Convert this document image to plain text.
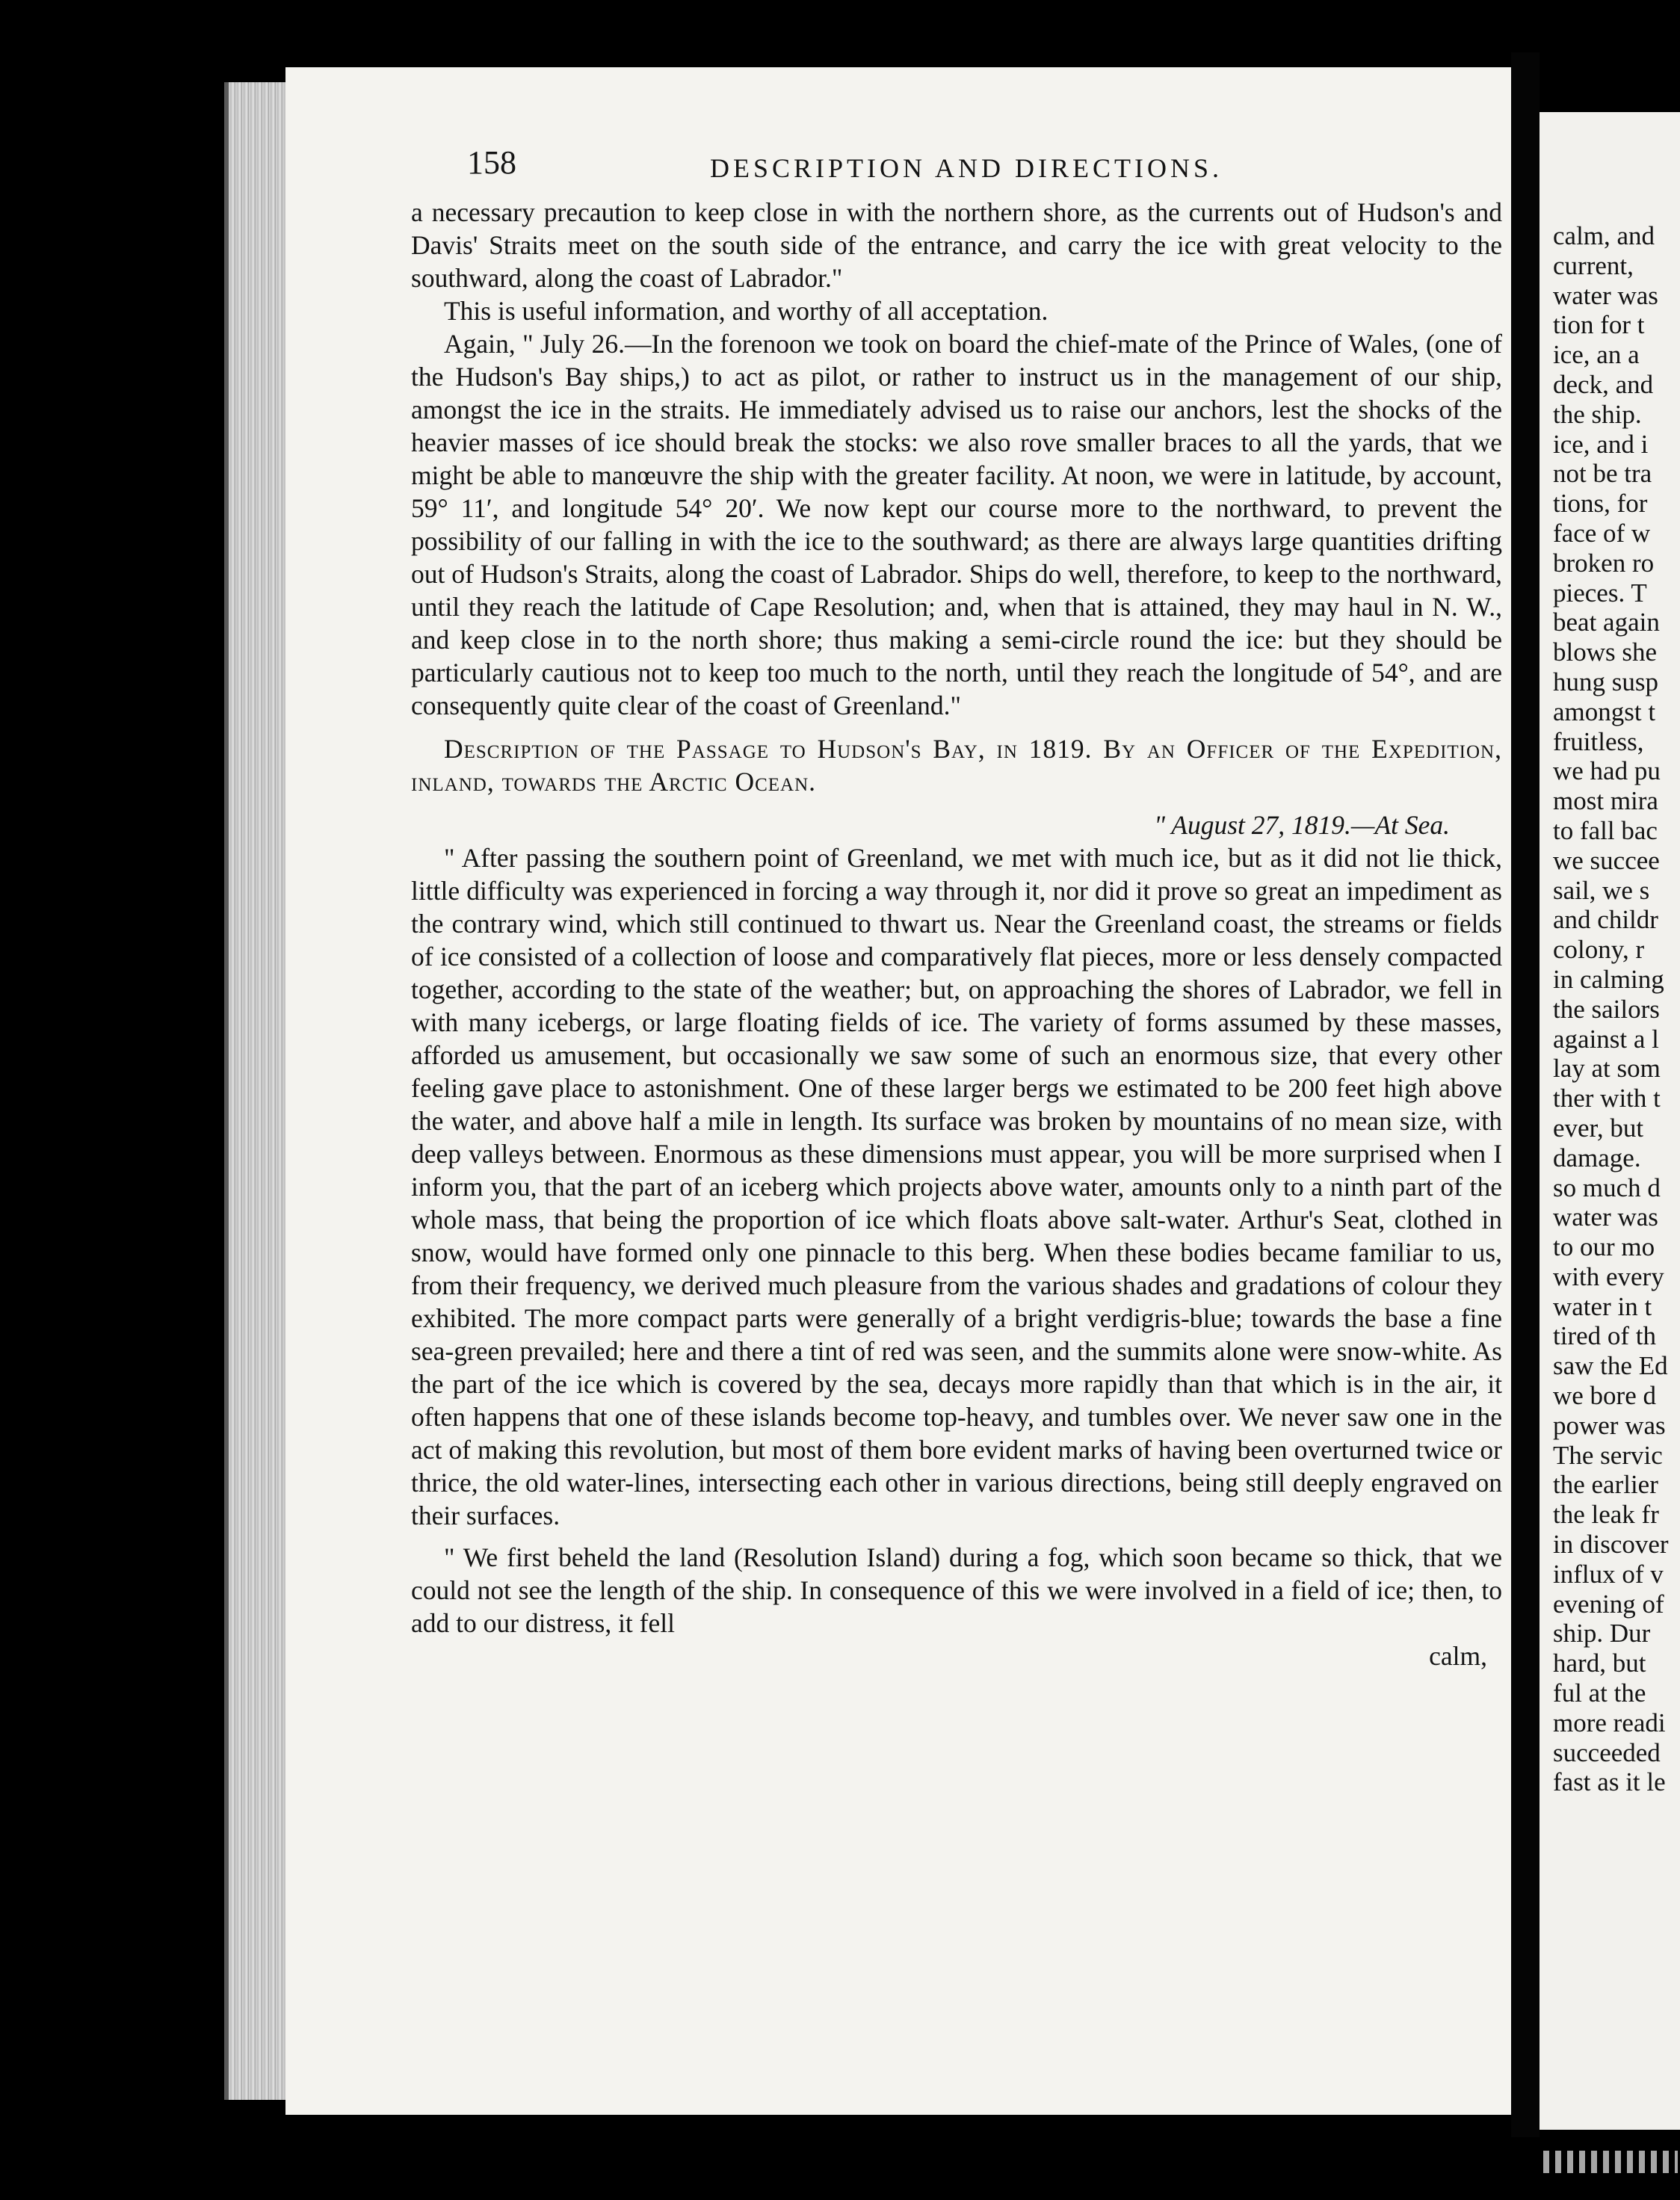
158	DESCRIPTION AND DIRECTIONS.

a necessary precaution to keep close in with the northern shore, as the currents out of Hudson's and Davis' Straits meet on the south side of the entrance, and carry the ice with great velocity to the southward, along the coast of Labrador."

This is useful information, and worthy of all acceptation.

Again, " July 26.—In the forenoon we took on board the chief-mate of the Prince of Wales, (one of the Hudson's Bay ships,) to act as pilot, or rather to instruct us in the management of our ship, amongst the ice in the straits. He immediately advised us to raise our anchors, lest the shocks of the heavier masses of ice should break the stocks: we also rove smaller braces to all the yards, that we might be able to manœuvre the ship with the greater facility. At noon, we were in latitude, by account, 59° 11′, and longitude 54° 20′. We now kept our course more to the northward, to prevent the possibility of our falling in with the ice to the southward; as there are always large quantities drifting out of Hudson's Straits, along the coast of Labrador. Ships do well, therefore, to keep to the northward, until they reach the latitude of Cape Resolution; and, when that is attained, they may haul in N. W., and keep close in to the north shore; thus making a semi-circle round the ice: but they should be particularly cautious not to keep too much to the north, until they reach the longitude of 54°, and are consequently quite clear of the coast of Greenland."

Description of the Passage to Hudson's Bay, in 1819. By an Officer of the Expedition, inland, towards the Arctic Ocean.

" August 27, 1819.—At Sea.

" After passing the southern point of Greenland, we met with much ice, but as it did not lie thick, little difficulty was experienced in forcing a way through it, nor did it prove so great an impediment as the contrary wind, which still continued to thwart us. Near the Greenland coast, the streams or fields of ice consisted of a collection of loose and comparatively flat pieces, more or less densely compacted together, according to the state of the weather; but, on approaching the shores of Labrador, we fell in with many icebergs, or large floating fields of ice. The variety of forms assumed by these masses, afforded us amusement, but occasionally we saw some of such an enormous size, that every other feeling gave place to astonishment. One of these larger bergs we estimated to be 200 feet high above the water, and above half a mile in length. Its surface was broken by mountains of no mean size, with deep valleys between. Enormous as these dimensions must appear, you will be more surprised when I inform you, that the part of an iceberg which projects above water, amounts only to a ninth part of the whole mass, that being the proportion of ice which floats above salt-water. Arthur's Seat, clothed in snow, would have formed only one pinnacle to this berg. When these bodies became familiar to us, from their frequency, we derived much pleasure from the various shades and gradations of colour they exhibited. The more compact parts were generally of a bright verdigris-blue; towards the base a fine sea-green prevailed; here and there a tint of red was seen, and the summits alone were snow-white. As the part of the ice which is covered by the sea, decays more rapidly than that which is in the air, it often happens that one of these islands become top-heavy, and tumbles over. We never saw one in the act of making this revolution, but most of them bore evident marks of having been overturned twice or thrice, the old water-lines, intersecting each other in various directions, being still deeply engraved on their surfaces.

" We first beheld the land (Resolution Island) during a fog, which soon became so thick, that we could not see the length of the ship. In consequence of this we were involved in a field of ice; then, to add to our distress, it fell

calm,

calm, and
current,
water was
tion for t
ice, an a
deck, and
the ship.
ice, and i
not be tra
tions, for
face of w
broken ro
pieces. T
beat again
blows she
hung susp
amongst t
fruitless,
we had pu
most mira
to fall bac
we succee
sail, we s
and childr
colony, r
in calming
the sailors
against a l
lay at som
ther with t
ever, but
damage.
so much d
water was
to our mo
with every
water in t
tired of th
saw the Ed
we bore d
power was
The servic
the earlier
the leak fr
in discover
influx of v
evening of
ship. Dur
hard, but
ful at the
more readi
succeeded
fast as it le
